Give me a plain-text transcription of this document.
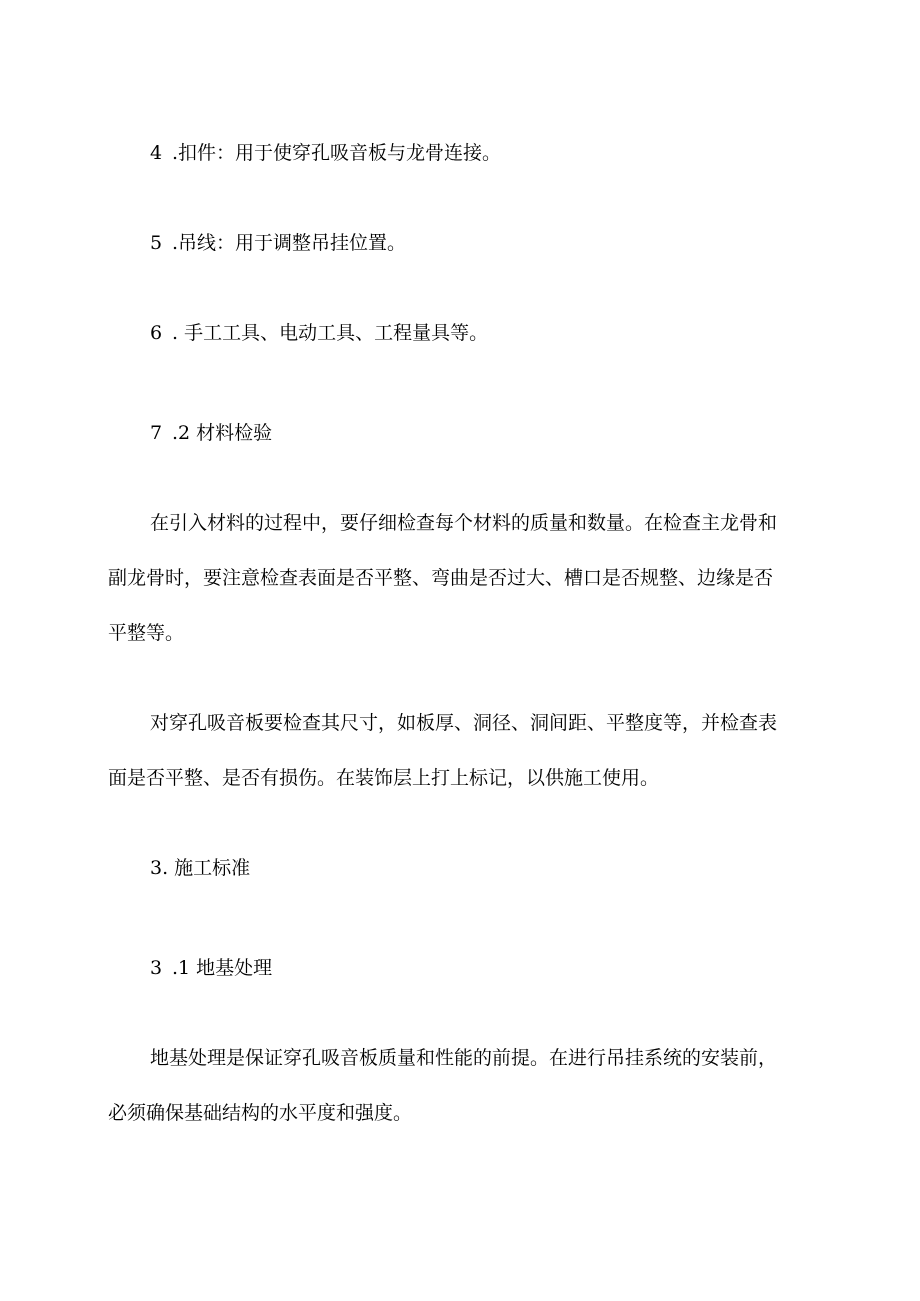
4 .扣件：用于使穿孔吸音板与龙骨连接。

5 .吊线：用于调整吊挂位置。

6 . 手工工具、电动工具、工程量具等。

7 .2 材料检验

在引入材料的过程中，要仔细检查每个材料的质量和数量。在检查主龙骨和

副龙骨时，要注意检查表面是否平整、弯曲是否过大、槽口是否规整、边缘是否

平整等。

对穿孔吸音板要检查其尺寸，如板厚、洞径、洞间距、平整度等，并检查表

面是否平整、是否有损伤。在装饰层上打上标记，以供施工使用。

3. 施工标准

3 .1 地基处理

地基处理是保证穿孔吸音板质量和性能的前提。在进行吊挂系统的安装前，

必须确保基础结构的水平度和强度。
